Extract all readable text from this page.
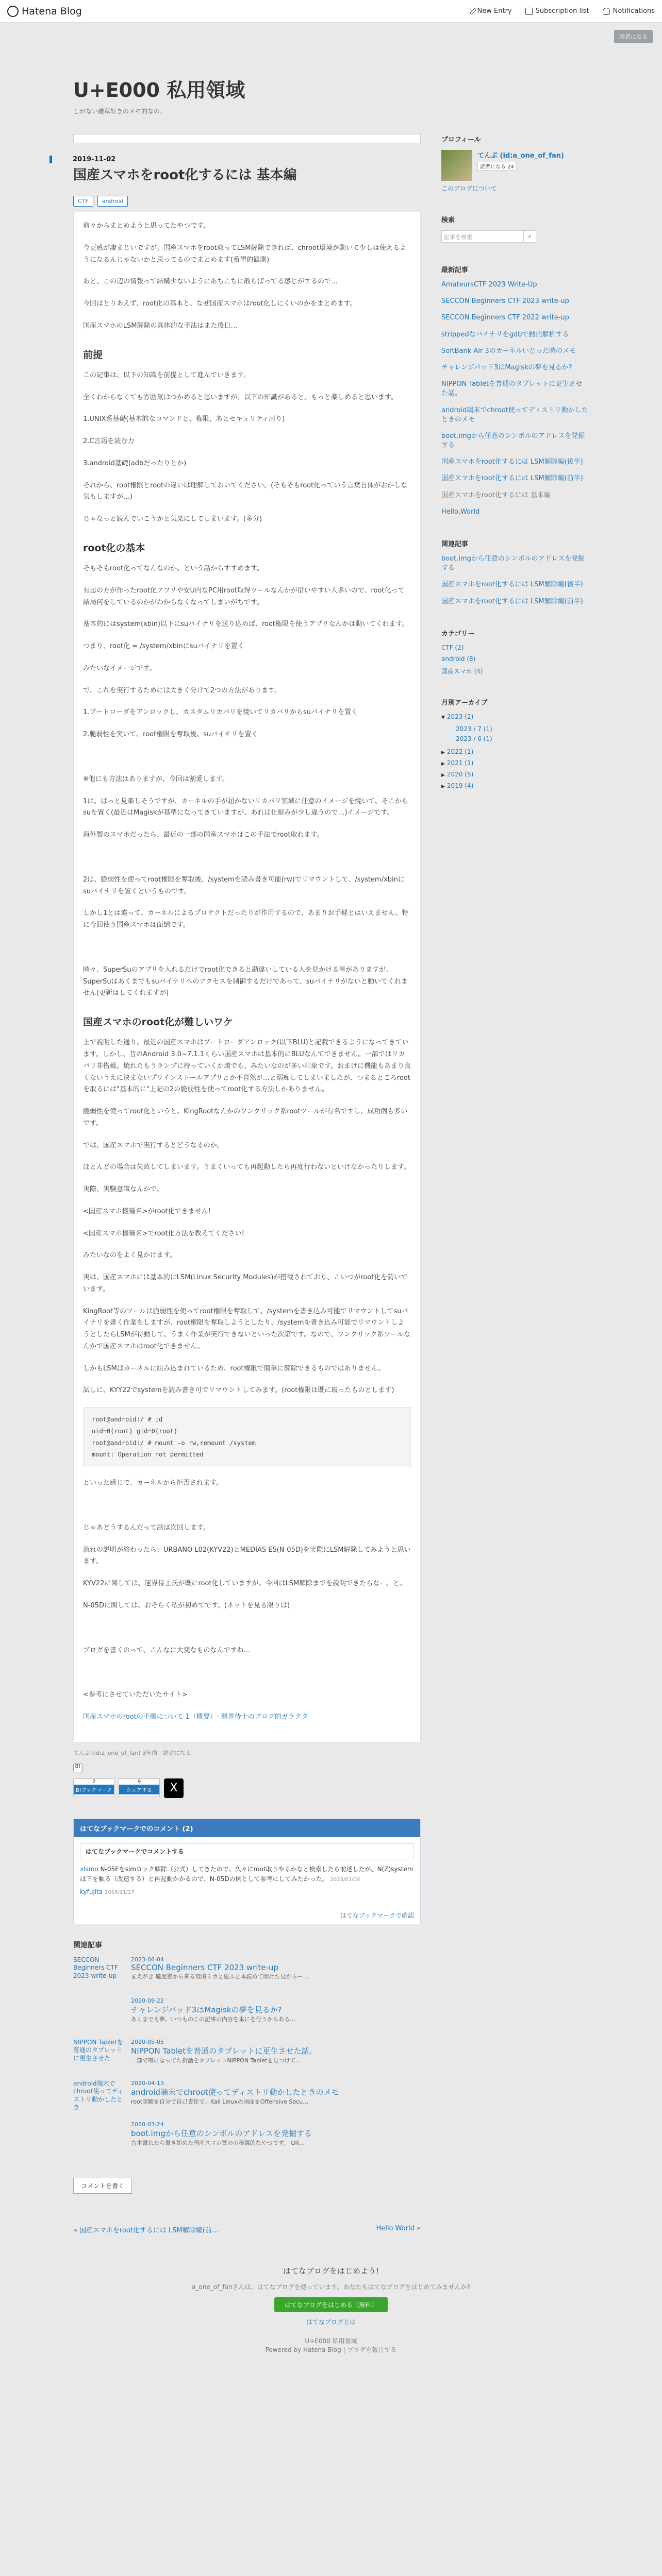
Hatena Blog	New Entry	Subscription list	Notifications
読者になる
U+E000 私用領域
しがない雑草好きのメモ的なの。
2019-11-02
国産スマホをroot化するには 基本編
CTF	android

前々からまとめようと思ってたやつです。

今更感が凄まじいですが。国産スマホをroot取ってLSM解除できれば、chroot環境が動いて少しは使えるようになるんじゃないかと思ってるのでまとめます(希望的観測)

あと、この辺の情報って結構少ないようにあちこちに散らばってる感じがするので…

今回はとりあえず、root化の基本と、なぜ国産スマホはroot化しにくいのかをまとめます。

国産スマホのLSM解除の具体的な手法はまた後日…

前提

この記事は、以下の知識を前提として進んでいきます。

全くわからなくても雰囲気はつかめると思いますが、以下の知識があると、もっと楽しめると思います。

1.UNIX系基礎(基本的なコマンドと、権限、あとセキュリティ周り)

2.C言語を読む力

3.android基礎(adbだったりとか)

それから、root権限とrootの違いは理解しておいてください。(そもそもroot化っていう言葉自体がおかしな気もしますが…)

じゃなっと読んでいこうかと気楽にしてしまいます。(多分)

root化の基本

そもそもroot化ってなんなのか。という話からすすめます。

有志の方が作ったroot化アプリや安U内なPC用root取得ツールなんかが借いやすい人多いので、root化って結局何をしているのかがわからなくなってしまいがちです。

基本的にはsystem(xbin)以下にsuバイナリを送り込めば、root権限を使うアプリなんかは動いてくれます。

つまり、root化 = /system/xbinにsuバイナリを置く

みたいなイメージです。

で、これを実行するためには大きく分けて2つの方法があります。

1.ブートローダをアンロックし、カスタムリカバリを焼いてリカバリからsuバイナリを置く

2.脆弱性を突いて、root権限を奪取後、suバイナリを置く

※他にも方法はありますが、今回は割愛します。

1は、ぱっと見楽しそうですが、カーネルの手が届かないリカバリ領域に任意のイメージを焼いて、そこからsuを置く(最近はMagiskが基準になってきていますが、あれは仕組みが少し違うので…)イメージです。

海外製のスマホだったら、最近の一部の国産スマホはこの手法でroot取れます。

2は、脆弱性を使ってroot権限を奪取後、/systemを読み書き可能(rw)でリマウントして、/system/xbinにsuバイナリを置くというものです。

しかし1とは違って、カーネルによるプロテクトだったりが作用するので、あまりお手軽とはいえません。特に今回使う国産スマホは面倒です。

時々、SuperSuのアプリを入れるだけでroot化できると勘違いしている人を見かける事がありますが、SuperSuはあくまでもsuバイナリへのアクセスを制御するだけであって、suバイナリがないと動いてくれません(更新はしてくれますが)

国産スマホのroot化が難しいワケ

上で説明した通り、最近の国産スマホはブートローダアンロック(以下BLU)と記載できるようになってきています。しかし、昔のAndroid 3.0~7.1.1くらい国産スマホは基本的にBLUなんてできません。一部ではリカバリ非搭載。焼れたもうランプに持っていくか壊でも、みたいなのが多い印象です。おまけに機能もあまり良くないうえに決まないプリインストールアプリとか不自然が…と溺痴してしまいましたが、つまるところrootを取るには"基本的に"上記の2の脆弱性を使ってroot化する方法しかありません。

脆弱性を使ってroot化というと、KingRootなんかのワンクリック系rootツールが有名ですし、成功例も多いです。

では、国産スマホで実行するとどうなるのか。

ほとんどの場合は失敗してしまいます。うまくいっても再起動したら再度行わないといけなかったりします。

実際、実験意識なんかで、

<国産スマホ機種名>がroot化できません!

<国産スマホ機種名>でroot化方法を教えてください!

みたいなのをよく見かけます。

実は、国産スマホには基本的にLSM(Linux Security Modules)が搭載されており、こいつがroot化を防いでいます。

KingRoot等のツールは脆弱性を使ってroot権限を奪取して、/systemを書き込み可能でリマウントしてsuバイナリを書く作業をしますが、root権限を奪取しようとしたり、/systemを書き込み可能でリマウントしようとしたらLSMが待動して、うまく作業が実行できないといった次第です。なので、ワンクリック系ツールなんかで国産スマホはroot化できません。

しかもLSMはカーネルに組み込まれているため、root権限で簡単に解除できるものではありません。

試しに、KYY22でsystemを読み書き可でリマウントしてみます。(root権限は既に取ったものとします)

root@android:/ # id
uid=0(root) gid=0(root)
root@android:/ # mount -o rw,remount /system
mount: Operation not permitted

といった感じで、カーネルから拒否されます。

じゃあどうするんだって話は次回します。

流れの説明が終わったら、URBANO L02(KYV22)とMEDIAS ES(N-05D)を実際にLSM解除してみようと思います。

KYV22に関しては、運界侍士氏が既にroot化していますが、今回はLSM解除までを説明できたらなー、と。

N-05Dに関しては、おそらく私が初めてです。(ネットを見る限りは)

ブログを書くのって、こんなに大変なものなんですね…

<参考にさせていただいたサイト>

国産スマホのrootの手順について 1（概要）- 運界侍士のブログ的ガラクタ

てんぷ (id:a_one_of_fan) 3年前 · 読者になる
B!
2
B!ブックマーク
9
シェアする	X
はてなブックマークでのコメント (2)
はてなブックマークでコメントする
xlsmo N-05Eをsimロック解除（公式）してきたので、久々にroot取りやるかなと検索したら前述したが、N(Z)systemは下を触る（改造する）と再起動かかるので、N-05Dの例として参考にしてみたかった。 2023/03/09
kyfujita 2019/11/17
はてなブックマークで確認
関連記事
SECCON Beginners CTF 2023 write-up
2023-06-04
SECCON Beginners CTF 2023 write-up
まえがき 適度差から来る環境ミカと思ふと本読めて開けた見からー…
2020-09-22
チャレンジパッド3はMagiskの夢を見るか?
あくまでも夢。いつものこの記事の内容を本にを行うからある…
NIPPON Tabletを普通のタブレットに更生させた
2020-05-05
NIPPON Tabletを普通のタブレットに更生させた話。
一部で噂になってた折話をタブレットNIPPON Tabletを見つけて…
android端末でchroot使ってディストリ動かしたとき
2020-04-13
android端末でchroot使ってディストリ動かしたときのメモ
root実験を自分で自己責任で。Kali Linuxの画面をOffensive Secu…
2020-03-24
boot.imgから任意のシンボルのアドレスを発掘する
古本書れたら書き始めた国産スマホ置のの秘儀的なやつです。 UR…
コメントを書く
« 国産スマホをroot化するには LSM解除編(前…	Hello World »
プロフィール
てんぷ (id:a_one_of_fan)
読者になる 24
このブログについて
検索
記事を検索	⌕
最新記事
AmateursCTF 2023 Write-Up
SECCON Beginners CTF 2023 write-up
SECCON Beginners CTF 2022 write-up
strippedなバイナリをgdbで動的解析する
SoftBank Air 3のカーネルいじった時のメモ
チャレンジパッド3はMagiskの夢を見るか?
NIPPON Tabletを普通のタブレットに更生させた話。
android端末でchroot使ってディストリ動かしたときのメモ
boot.imgから任意のシンボルのアドレスを発掘する
国産スマホをroot化するには LSM解除編(後半)
国産スマホをroot化するには LSM解除編(前半)
国産スマホをroot化するには 基本編
Hello,World
関連記事
boot.imgから任意のシンボルのアドレスを発掘する
国産スマホをroot化するには LSM解除編(後半)
国産スマホをroot化するには LSM解除編(前半)
カテゴリー
CTF (2)
android (8)
国産スマホ (4)
月別アーカイブ
▼ 2023 (2)
2023 / 7 (1)
2023 / 6 (1)
▶ 2022 (1)
▶ 2021 (1)
▶ 2020 (5)
▶ 2019 (4)
はてなブログをはじめよう!
a_one_of_fanさんは、はてなブログを使っています。あなたもはてなブログをはじめてみませんか?
はてなブログをはじめる（無料）
はてなブログとは
U+E000 私用領域
Powered by Hatena Blog | ブログを報告する
